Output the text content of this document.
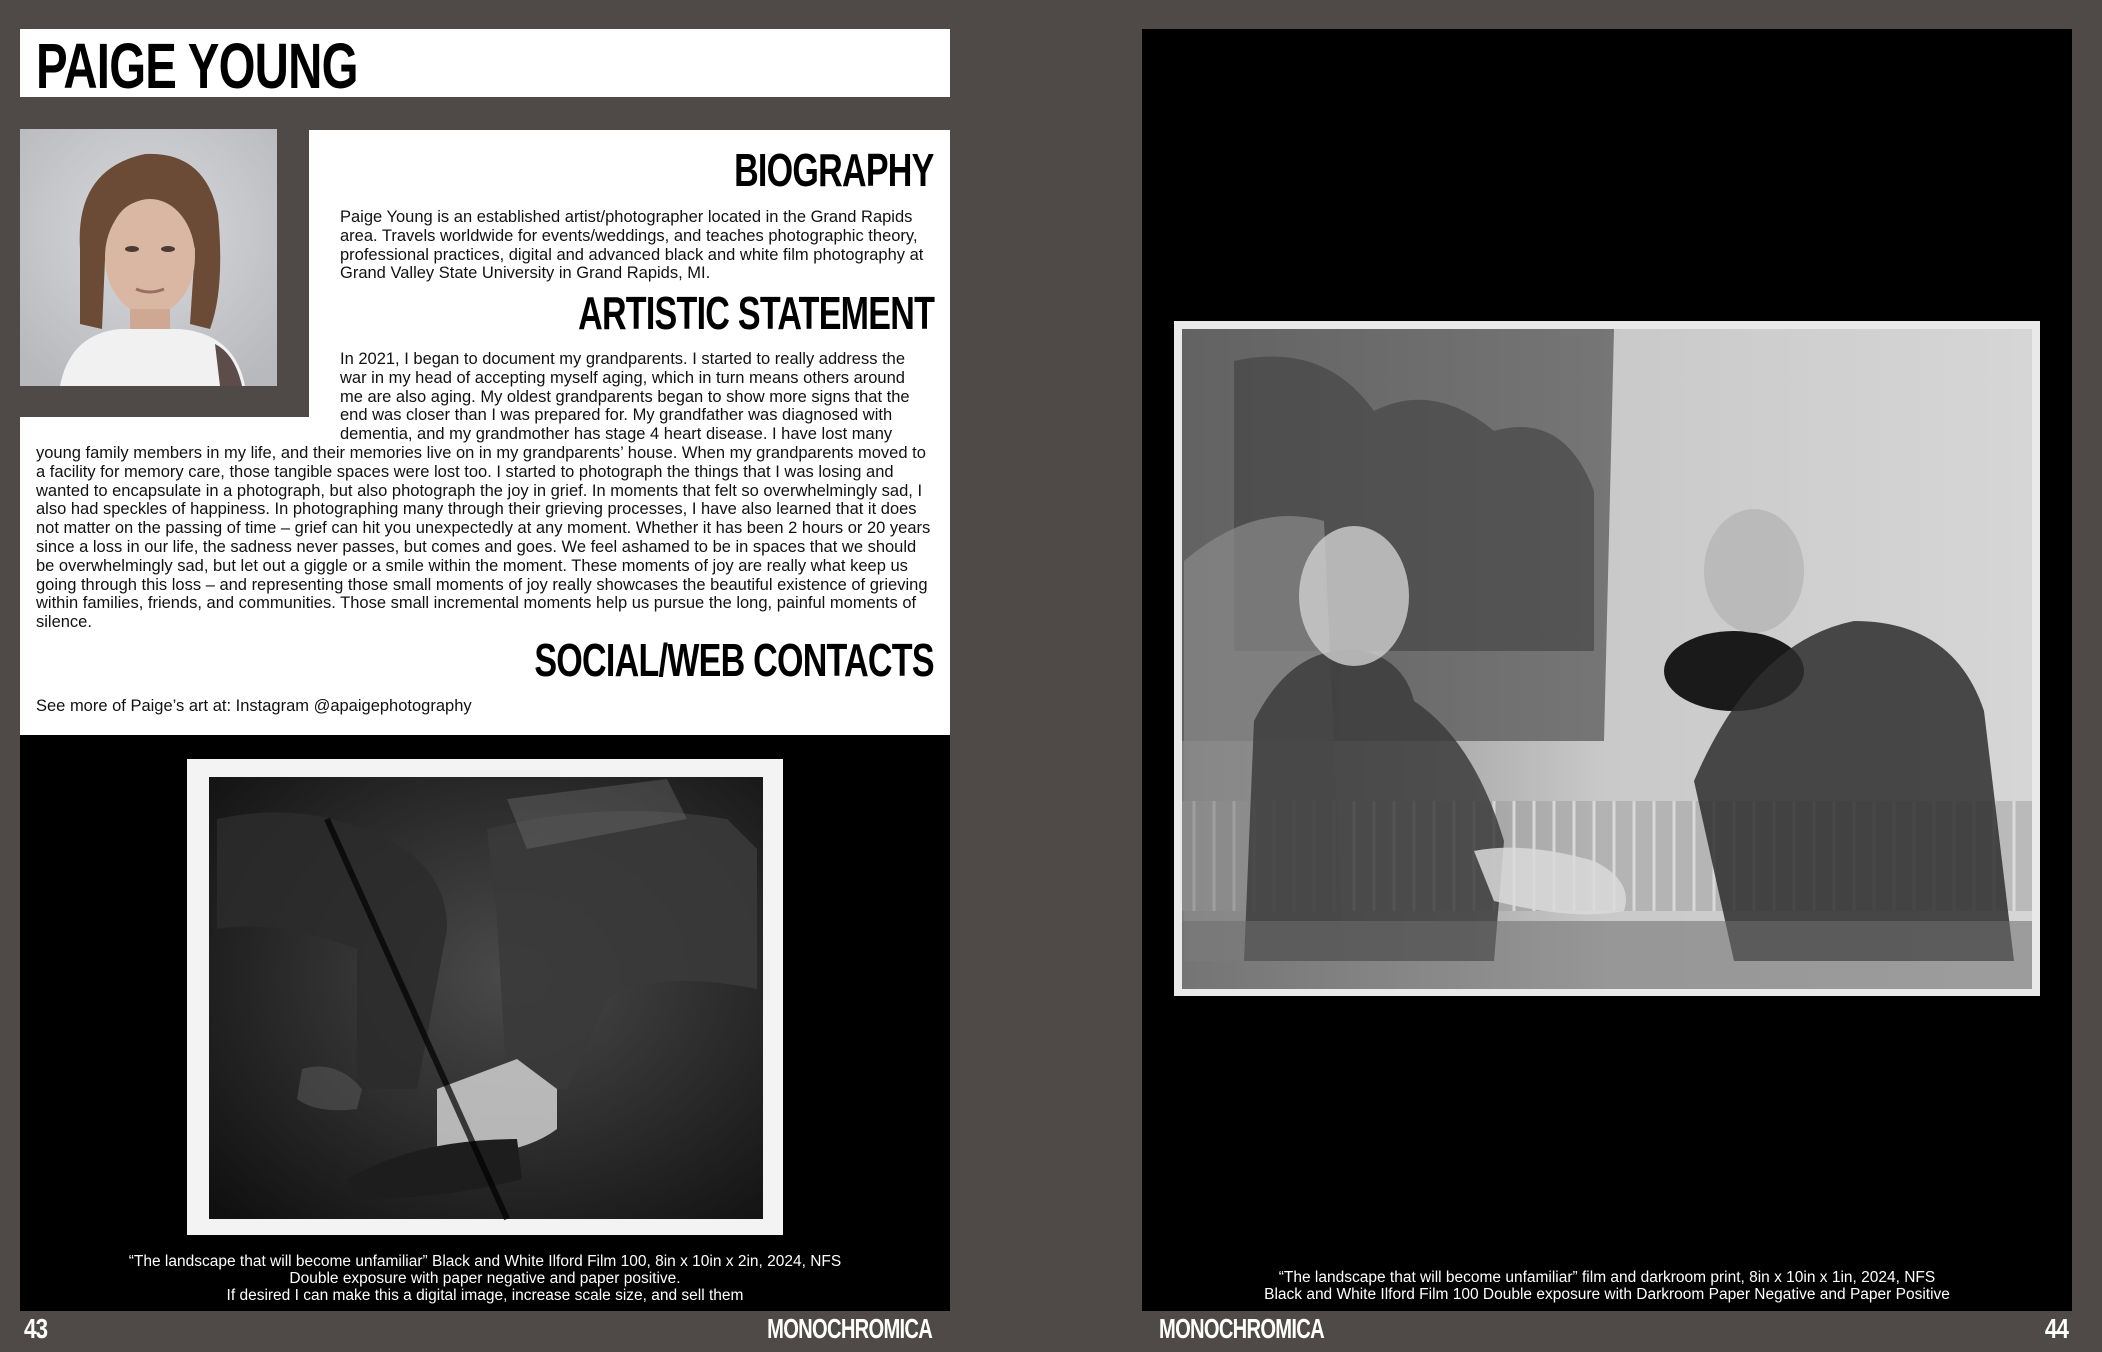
PAIGE YOUNG
BIOGRAPHY
Paige Young is an established artist/photographer located in the Grand Rapids area. Travels worldwide for events/weddings, and teaches photographic theory, professional practices, digital and advanced black and white film photography at Grand Valley State University in Grand Rapids, MI.
ARTISTIC STATEMENT
In 2021, I began to document my grandparents. I started to really address the war in my head of accepting myself aging, which in turn means others around me are also aging. My oldest grandparents began to show more signs that the end was closer than I was prepared for. My grandfather was diagnosed with dementia, and my grandmother has stage 4 heart disease. I have lost many
young family members in my life, and their memories live on in my grandparents’ house. When my grandparents moved to a facility for memory care, those tangible spaces were lost too. I started to photograph the things that I was losing and wanted to encapsulate in a photograph, but also photograph the joy in grief. In moments that felt so overwhelmingly sad, I also had speckles of happiness. In photographing many through their grieving processes, I have also learned that it does not matter on the passing of time – grief can hit you unexpectedly at any moment. Whether it has been 2 hours or 20 years since a loss in our life, the sadness never passes, but comes and goes. We feel ashamed to be in spaces that we should be overwhelmingly sad, but let out a giggle or a smile within the moment. These moments of joy are really what keep us going through this loss – and representing those small moments of joy really showcases the beautiful existence of grieving within families, friends, and communities. Those small incremental moments help us pursue the long, painful moments of silence.
SOCIAL/WEB CONTACTS
See more of Paige’s art at: Instagram @apaigephotography
“The landscape that will become unfamiliar” Black and White Ilford Film 100, 8in x 10in x 2in, 2024, NFS
Double exposure with paper negative and paper positive.
If desired I can make this a digital image, increase scale size, and sell them
43	MONOCHROMICA
“The landscape that will become unfamiliar” film and darkroom print, 8in x 10in x 1in, 2024, NFS
Black and White Ilford Film 100 Double exposure with Darkroom Paper Negative and Paper Positive
MONOCHROMICA	44
